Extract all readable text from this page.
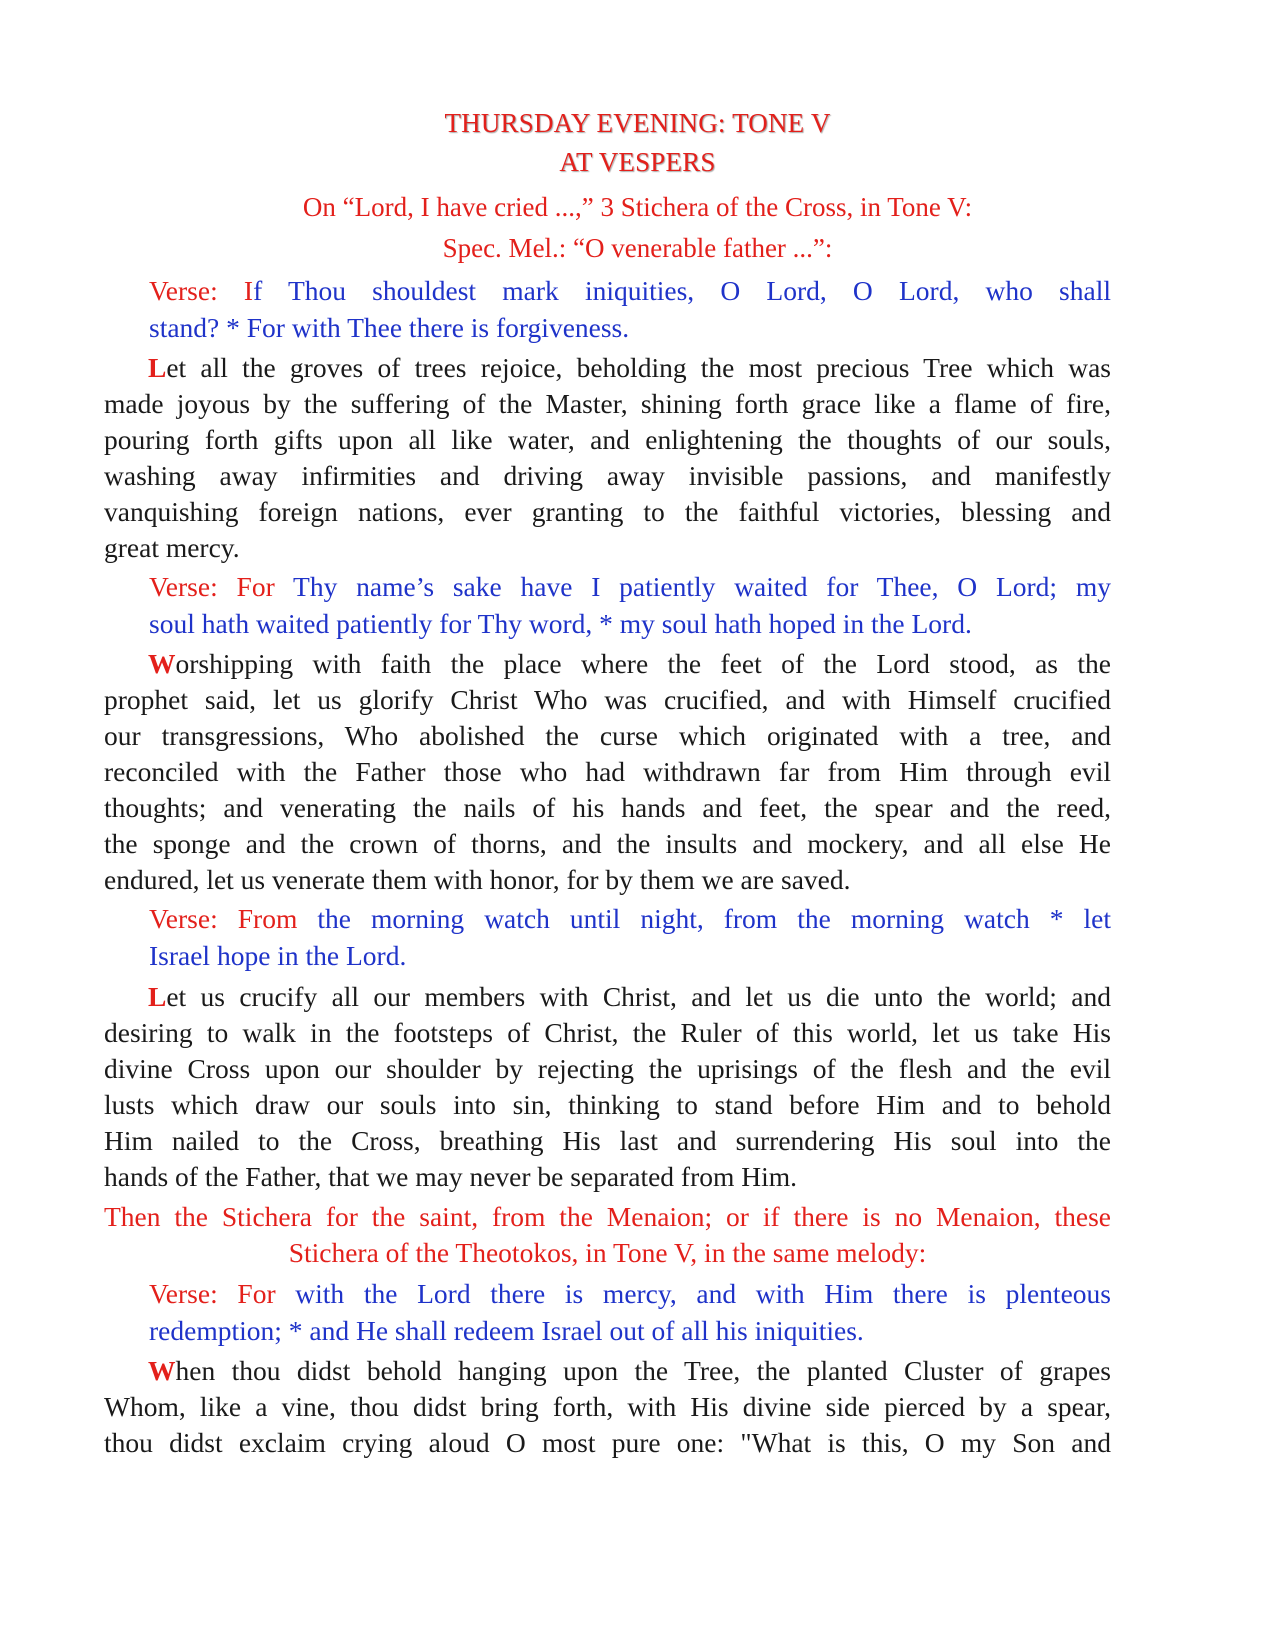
THURSDAY EVENING: TONE V
AT VESPERS
On “Lord, I have cried ...,” 3 Stichera of the Cross, in Tone V:
Spec. Mel.: “O venerable father ...”:
Verse: If Thou shouldest mark iniquities, O Lord, O Lord, who shall
stand? * For with Thee there is forgiveness.
Let all the groves of trees rejoice, beholding the most precious Tree which was
made joyous by the suffering of the Master, shining forth grace like a flame of fire,
pouring forth gifts upon all like water, and enlightening the thoughts of our souls,
washing away infirmities and driving away invisible passions, and manifestly
vanquishing foreign nations, ever granting to the faithful victories, blessing and
great mercy.
Verse: For Thy name’s sake have I patiently waited for Thee, O Lord; my
soul hath waited patiently for Thy word, * my soul hath hoped in the Lord.
Worshipping with faith the place where the feet of the Lord stood, as the
prophet said, let us glorify Christ Who was crucified, and with Himself crucified
our transgressions, Who abolished the curse which originated with a tree, and
reconciled with the Father those who had withdrawn far from Him through evil
thoughts; and venerating the nails of his hands and feet, the spear and the reed,
the sponge and the crown of thorns, and the insults and mockery, and all else He
endured, let us venerate them with honor, for by them we are saved.
Verse: From the morning watch until night, from the morning watch * let
Israel hope in the Lord.
Let us crucify all our members with Christ, and let us die unto the world; and
desiring to walk in the footsteps of Christ, the Ruler of this world, let us take His
divine Cross upon our shoulder by rejecting the uprisings of the flesh and the evil
lusts which draw our souls into sin, thinking to stand before Him and to behold
Him nailed to the Cross, breathing His last and surrendering His soul into the
hands of the Father, that we may never be separated from Him.
Then the Stichera for the saint, from the Menaion; or if there is no Menaion, these
Stichera of the Theotokos, in Tone V, in the same melody:
Verse: For with the Lord there is mercy, and with Him there is plenteous
redemption; * and He shall redeem Israel out of all his iniquities.
When thou didst behold hanging upon the Tree, the planted Cluster of grapes
Whom, like a vine, thou didst bring forth, with His divine side pierced by a spear,
thou didst exclaim crying aloud O most pure one: "What is this, O my Son and
